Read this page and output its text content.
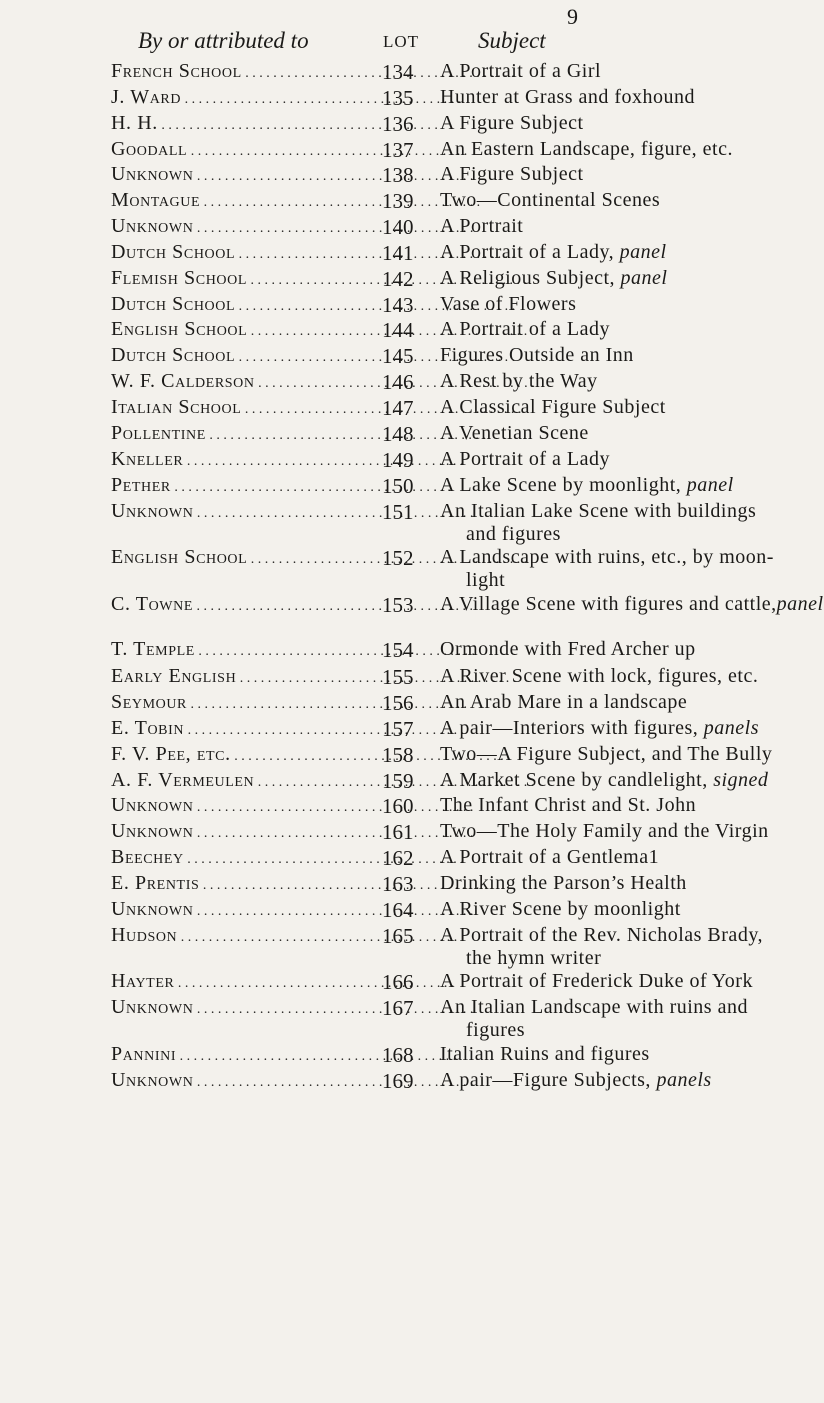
9
By or attributed to	LOT	Subject
French School . . .	134	A Portrait of a Girl
J. Ward . . .	135	Hunter at Grass and foxhound
H. H. . . .	136	A Figure Subject
Goodall . . .	137	An Eastern Landscape, figure, etc.
Unknown . . .	138	A Figure Subject
Montague . . .	139	Two—Continental Scenes
Unknown . . .	140	A Portrait
Dutch School . . .	141	A Portrait of a Lady, panel
Flemish School . . .	142	A Religious Subject, panel
Dutch School . . .	143	Vase of Flowers
English School . . .	144	A Portrait of a Lady
Dutch School . . .	145	Figures Outside an Inn
W. F. Calderson . . .	146	A Rest by the Way
Italian School . . .	147	A Classical Figure Subject
Pollentine . . .	148	A Venetian Scene
Kneller . . .	149	A Portrait of a Lady
Pether . . .	150	A Lake Scene by moonlight, panel
Unknown . . .	151	An Italian Lake Scene with buildings
and figures
English School . . .	152	A Landscape with ruins, etc., by moon-
light
C. Towne . . .	153	A Village Scene with figures and cattle,panel
T. Temple . . .	154	Ormonde with Fred Archer up
Early English . . .	155	A River Scene with lock, figures, etc.
Seymour . . .	156	An Arab Mare in a landscape
E. Tobin . . .	157	A pair—Interiors with figures, panels
F. V. Pee, etc. . . .	158	Two—A Figure Subject, and The Bully
A. F. Vermeulen . . .	159	A Market Scene by candlelight, signed
Unknown . . .	160	The Infant Christ and St. John
Unknown . . .	161	Two—The Holy Family and the Virgin
Beechey . . .	162	A Portrait of a Gentlema1
E. Prentis . . .	163	Drinking the Parson’s Health
Unknown . . .	164	A River Scene by moonlight
Hudson . . .	165	A Portrait of the Rev. Nicholas Brady,
the hymn writer
Hayter . . .	166	A Portrait of Frederick Duke of York
Unknown . . .	167	An Italian Landscape with ruins and
figures
Pannini . . .	168	Italian Ruins and figures
Unknown . . .	169	A pair—Figure Subjects, panels
